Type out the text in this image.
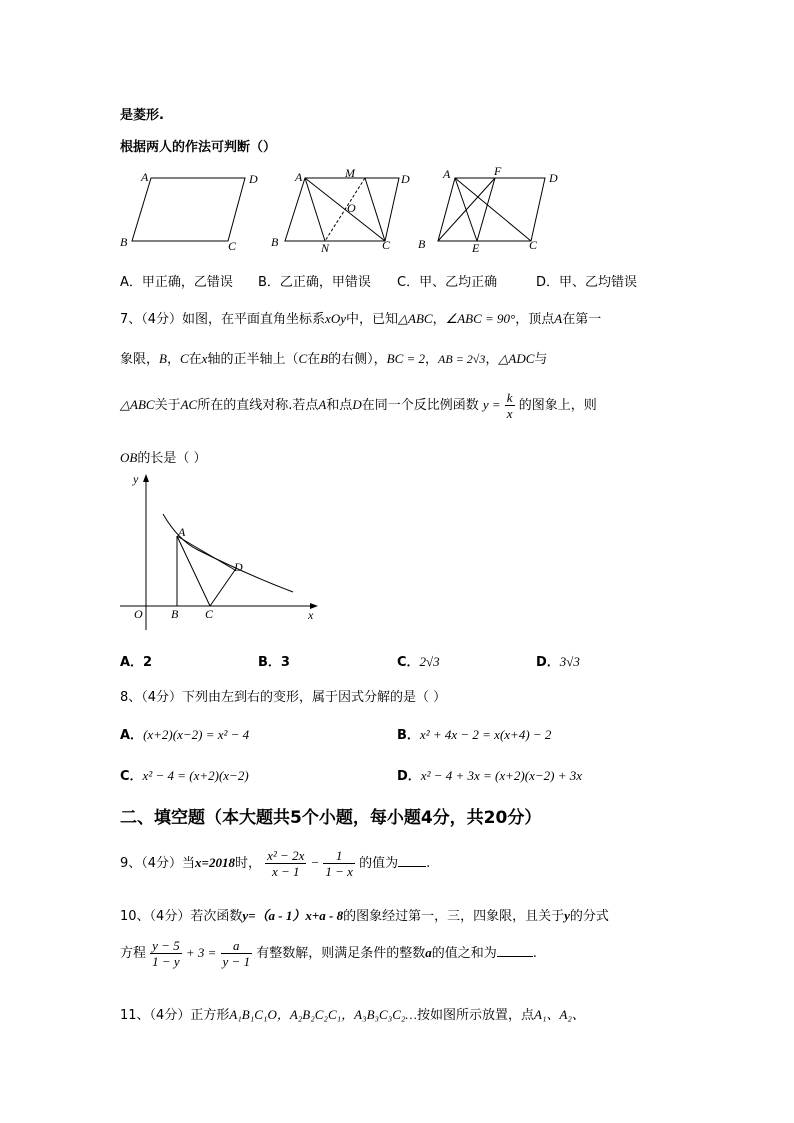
是菱形.
根据两人的作法可判断（）
A	D
B	C
A	M	D
O
B	N	C
A	F	D
B	E	C
A．甲正确，乙错误 B．乙正确，甲错误 C．甲、乙均正确	D．甲、乙均错误
7、（4分）如图，在平面直角坐标系xOy中，已知△ABC，∠ABC = 90°，顶点A在第一
象限，B，C在x轴的正半轴上（C在B的右侧），BC = 2，AB = 2√3，△ADC与
△ABC关于AC所在的直线对称.若点A和点D在同一个反比例函数 $y = \frac{k}{x}$ 的图象上，则
OB的长是（ ）
y
x
O
A
B C
D
A．2	B．3	C．2√3	D．3√3
8、（4分）下列由左到右的变形，属于因式分解的是（ ）
A．(x+2)(x−2) = x² − 4	B．x² + 4x − 2 = x(x+4) − 2
C．x² − 4 = (x+2)(x−2)	D．x² − 4 + 3x = (x+2)(x−2) + 3x
二、填空题（本大题共5个小题，每小题4分，共20分）
9、（4分）当x=2018时， $\frac{\text{x² − 2x}}{x - 1} - \frac{1}{1 - x}$ 的值为 .
10、（4分）若次函数y=（a - 1）x+a - 8的图象经过第一，三，四象限，且关于y的分式
方程 $\frac{y - 5}{1 - y} + 3 = \frac{a}{y - 1}$ 有整数解，则满足条件的整数a的值之和为	.
11、（4分）正方形A₁B₁C₁O，A₂B₂C₂C₁，A₃B₃C₃C₂…按如图所示放置，点A₁、A₂、
